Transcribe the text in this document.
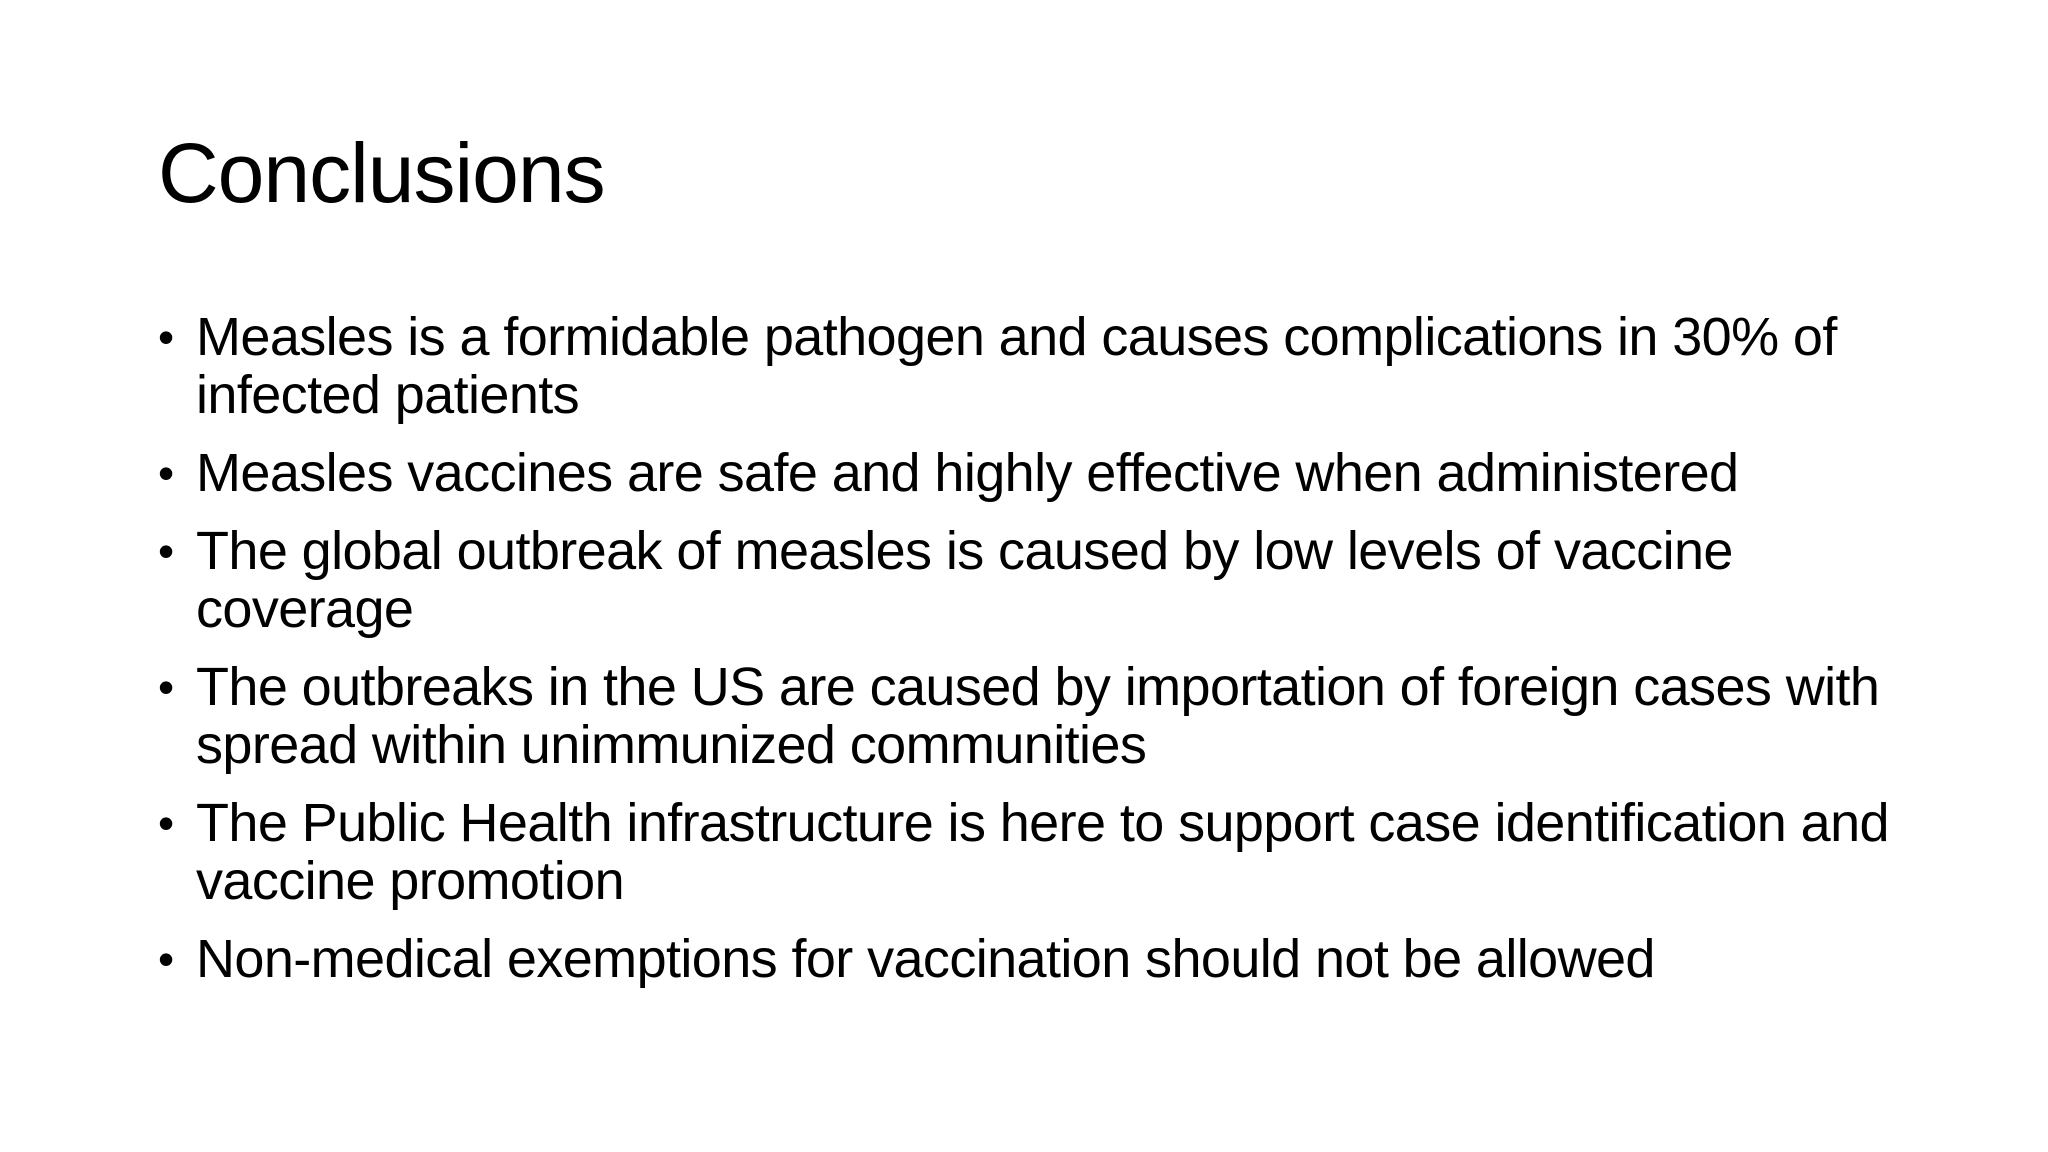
Conclusions
• Measles is a formidable pathogen and causes complications in 30% of infected patients
• Measles vaccines are safe and highly effective when administered
• The global outbreak of measles is caused by low levels of vaccine coverage
• The outbreaks in the US are caused by importation of foreign cases with spread within unimmunized communities
• The Public Health infrastructure is here to support case identification and vaccine promotion
• Non-medical exemptions for vaccination should not be allowed
